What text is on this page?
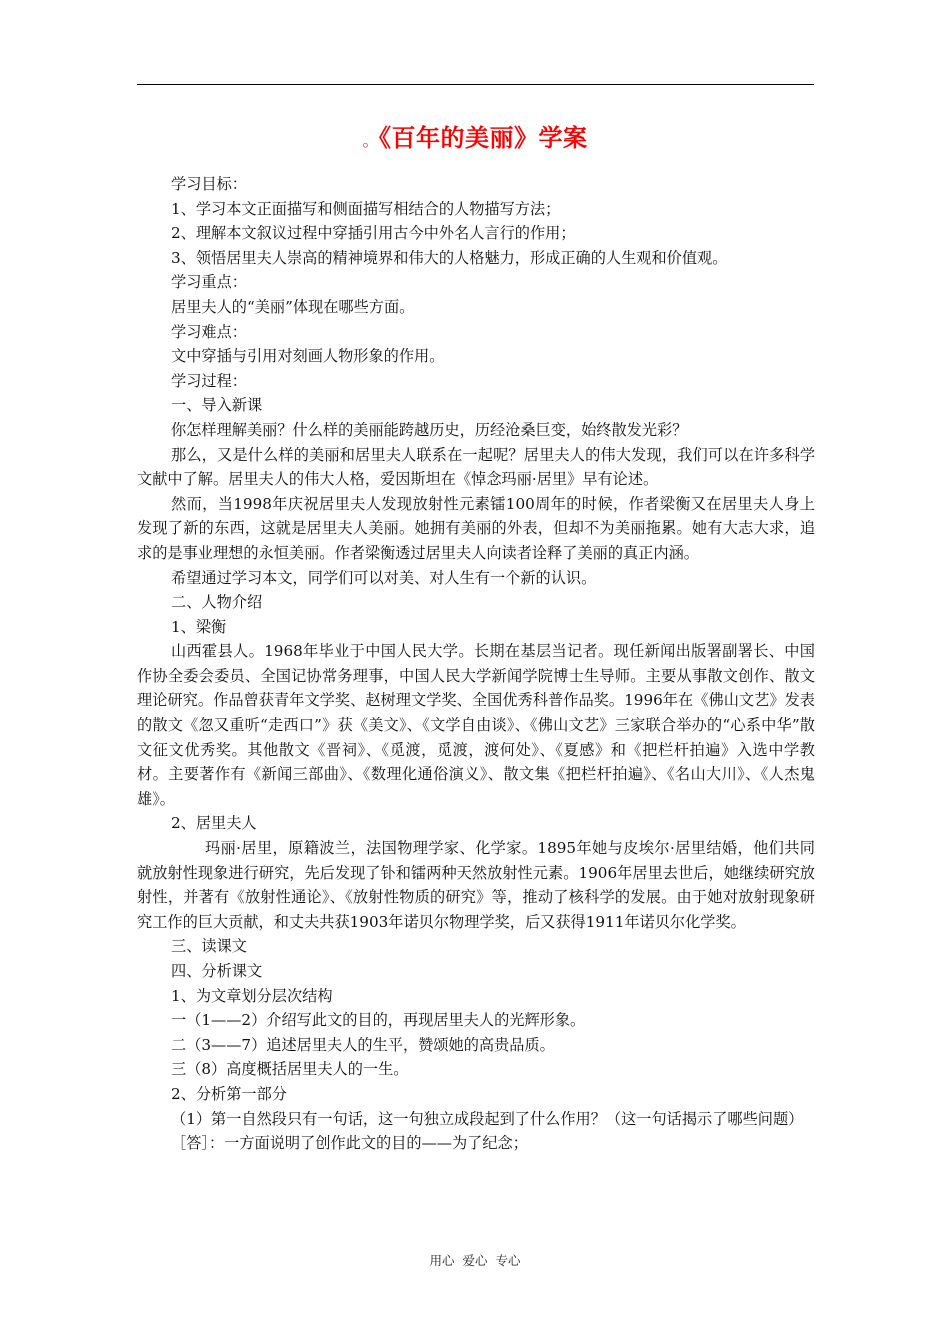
。《百年的美丽》学案

学习目标：

1、学习本文正面描写和侧面描写相结合的人物描写方法；

2、理解本文叙议过程中穿插引用古今中外名人言行的作用；

3、领悟居里夫人崇高的精神境界和伟大的人格魅力，形成正确的人生观和价值观。

学习重点：

居里夫人的“美丽”体现在哪些方面。

学习难点：

文中穿插与引用对刻画人物形象的作用。

学习过程：

一、导入新课

你怎样理解美丽？什么样的美丽能跨越历史，历经沧桑巨变，始终散发光彩？

那么，又是什么样的美丽和居里夫人联系在一起呢？居里夫人的伟大发现，我们可以在许多科学文献中了解。居里夫人的伟大人格，爱因斯坦在《悼念玛丽·居里》早有论述。

然而，当1998年庆祝居里夫人发现放射性元素镭100周年的时候，作者梁衡又在居里夫人身上发现了新的东西，这就是居里夫人美丽。她拥有美丽的外表，但却不为美丽拖累。她有大志大求，追求的是事业理想的永恒美丽。作者梁衡透过居里夫人向读者诠释了美丽的真正内涵。

希望通过学习本文，同学们可以对美、对人生有一个新的认识。

二、人物介绍

1、梁衡

山西霍县人。1968年毕业于中国人民大学。长期在基层当记者。现任新闻出版署副署长、中国作协全委会委员、全国记协常务理事，中国人民大学新闻学院博士生导师。主要从事散文创作、散文理论研究。作品曾获青年文学奖、赵树理文学奖、全国优秀科普作品奖。1996年在《佛山文艺》发表的散文《忽又重听“走西口”》获《美文》、《文学自由谈》、《佛山文艺》三家联合举办的“心系中华”散文征文优秀奖。其他散文《晋祠》、《觅渡，觅渡，渡何处》、《夏感》和《把栏杆拍遍》入选中学教材。主要著作有《新闻三部曲》、《数理化通俗演义》、散文集《把栏杆拍遍》、《名山大川》、《人杰鬼雄》。

2、居里夫人

玛丽·居里，原籍波兰，法国物理学家、化学家。1895年她与皮埃尔·居里结婚，他们共同就放射性现象进行研究，先后发现了钋和镭两种天然放射性元素。1906年居里去世后，她继续研究放射性，并著有《放射性通论》、《放射性物质的研究》等，推动了核科学的发展。由于她对放射现象研究工作的巨大贡献，和丈夫共获1903年诺贝尔物理学奖，后又获得1911年诺贝尔化学奖。

三、读课文

四、分析课文

1、为文章划分层次结构

一（1——2）介绍写此文的目的，再现居里夫人的光辉形象。

二（3——7）追述居里夫人的生平，赞颂她的高贵品质。

三（8）高度概括居里夫人的一生。

2、分析第一部分

（1）第一自然段只有一句话，这一句独立成段起到了什么作用？（这一句话揭示了哪些问题）

［答］：一方面说明了创作此文的目的——为了纪念；

用心 爱心 专心
